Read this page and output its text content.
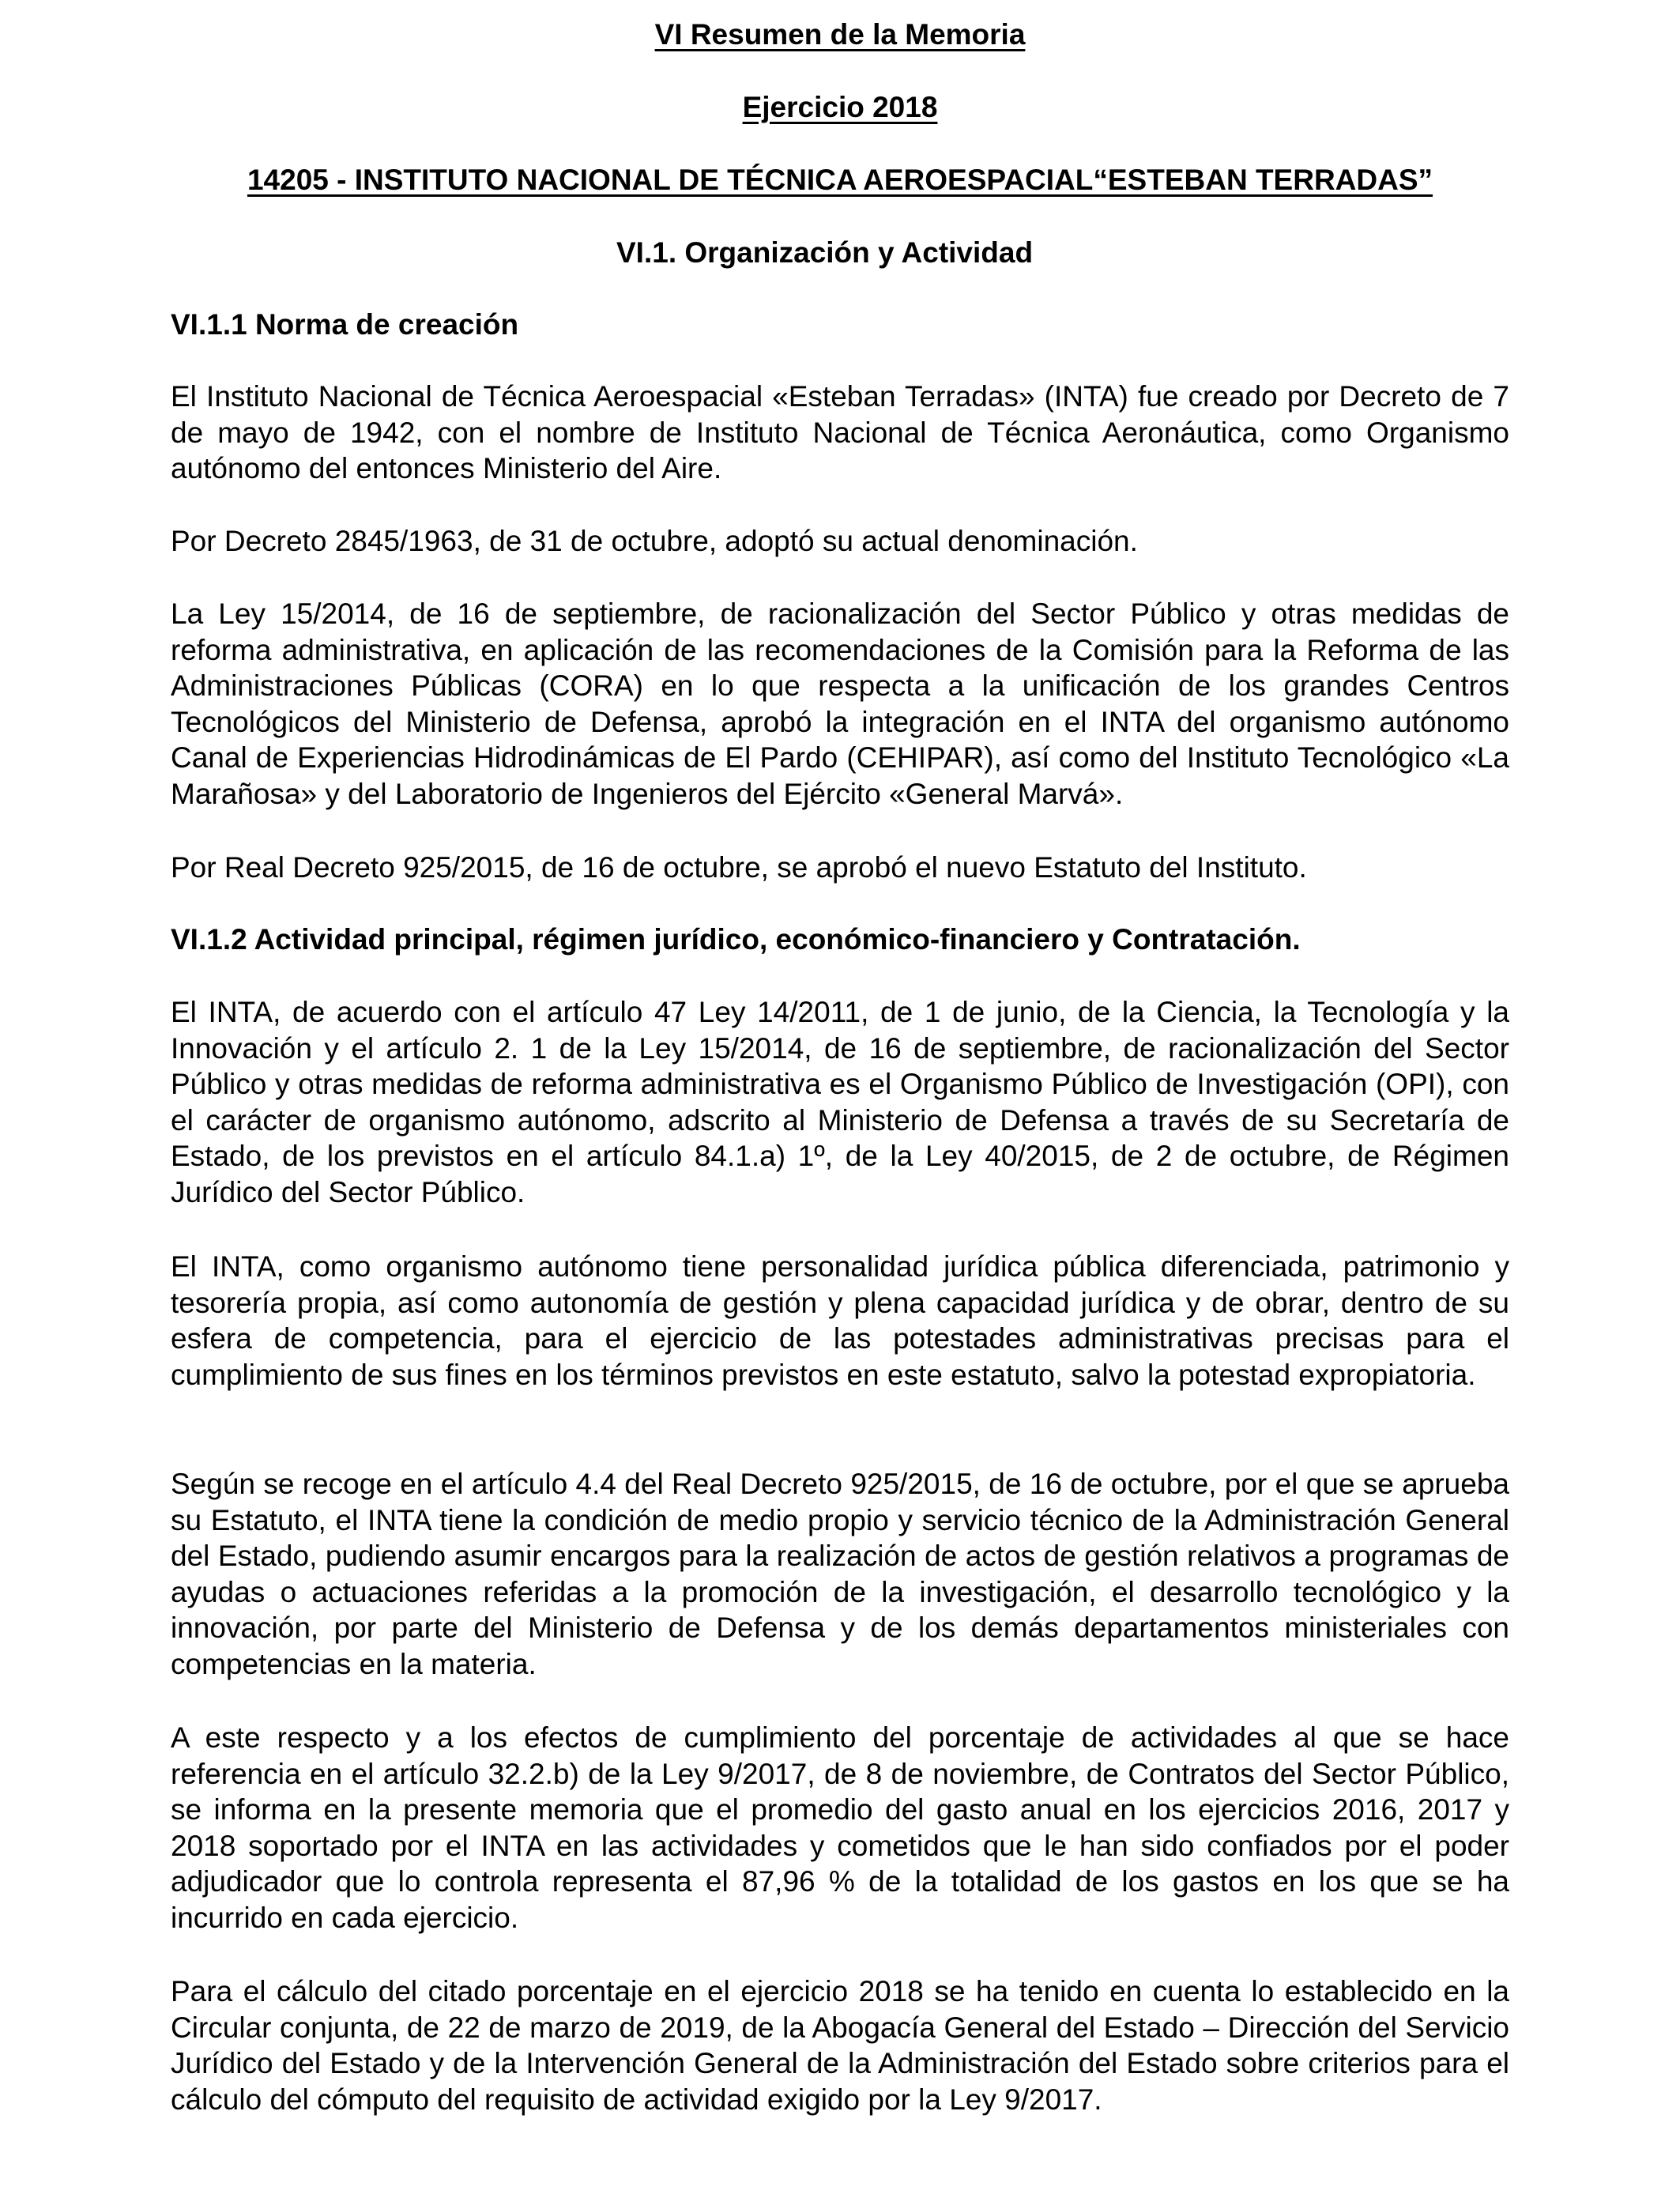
VI Resumen de la Memoria
Ejercicio 2018
14205 - INSTITUTO NACIONAL DE TÉCNICA AEROESPACIAL“ESTEBAN TERRADAS”
VI.1. Organización y Actividad
VI.1.1 Norma de creación
El Instituto Nacional de Técnica Aeroespacial «Esteban Terradas» (INTA) fue creado por Decreto de 7 de mayo de 1942, con el nombre de Instituto Nacional de Técnica Aeronáutica, como Organismo autónomo del entonces Ministerio del Aire.
Por Decreto 2845/1963, de 31 de octubre, adoptó su actual denominación.
La Ley 15/2014, de 16 de septiembre, de racionalización del Sector Público y otras medidas de reforma administrativa, en aplicación de las recomendaciones de la Comisión para la Reforma de las Administraciones Públicas (CORA) en lo que respecta a la unificación de los grandes Centros Tecnológicos del Ministerio de Defensa, aprobó la integración en el INTA del organismo autónomo Canal de Experiencias Hidrodinámicas de El Pardo (CEHIPAR), así como del Instituto Tecnológico «La Marañosa» y del Laboratorio de Ingenieros del Ejército «General Marvá».
Por Real Decreto 925/2015, de 16 de octubre, se aprobó el nuevo Estatuto del Instituto.
VI.1.2 Actividad principal, régimen jurídico, económico-financiero y Contratación.
El INTA, de acuerdo con el artículo 47 Ley 14/2011, de 1 de junio, de la Ciencia, la Tecnología y la Innovación y el artículo 2. 1 de la Ley 15/2014, de 16 de septiembre, de racionalización del Sector Público y otras medidas de reforma administrativa es el Organismo Público de Investigación (OPI), con el carácter de organismo autónomo, adscrito al Ministerio de Defensa a través de su Secretaría de Estado, de los previstos en el artículo 84.1.a) 1º, de la Ley 40/2015, de 2 de octubre, de Régimen Jurídico del Sector Público.
El INTA, como organismo autónomo tiene personalidad jurídica pública diferenciada, patrimonio y tesorería propia, así como autonomía de gestión y plena capacidad jurídica y de obrar, dentro de su esfera de competencia, para el ejercicio de las potestades administrativas precisas para el cumplimiento de sus fines en los términos previstos en este estatuto, salvo la potestad expropiatoria.
Según se recoge en el artículo 4.4 del Real Decreto 925/2015, de 16 de octubre, por el que se aprueba su Estatuto, el INTA tiene la condición de medio propio y servicio técnico de la Administración General del Estado, pudiendo asumir encargos para la realización de actos de gestión relativos a programas de ayudas o actuaciones referidas a la promoción de la investigación, el desarrollo tecnológico y la innovación, por parte del Ministerio de Defensa y de los demás departamentos ministeriales con competencias en la materia.
A este respecto y a los efectos de cumplimiento del porcentaje de actividades al que se hace referencia en el artículo 32.2.b) de la Ley 9/2017, de 8 de noviembre, de Contratos del Sector Público, se informa en la presente memoria que el promedio del gasto anual en los ejercicios 2016, 2017 y 2018 soportado por el INTA en las actividades y cometidos que le han sido confiados por el poder adjudicador que lo controla representa el 87,96 % de la totalidad de los gastos en los que se ha incurrido en cada ejercicio.
Para el cálculo del citado porcentaje en el ejercicio 2018 se ha tenido en cuenta lo establecido en la Circular conjunta, de 22 de marzo de 2019, de la Abogacía General del Estado – Dirección del Servicio Jurídico del Estado y de la Intervención General de la Administración del Estado sobre criterios para el cálculo del cómputo del requisito de actividad exigido por la Ley 9/2017.
